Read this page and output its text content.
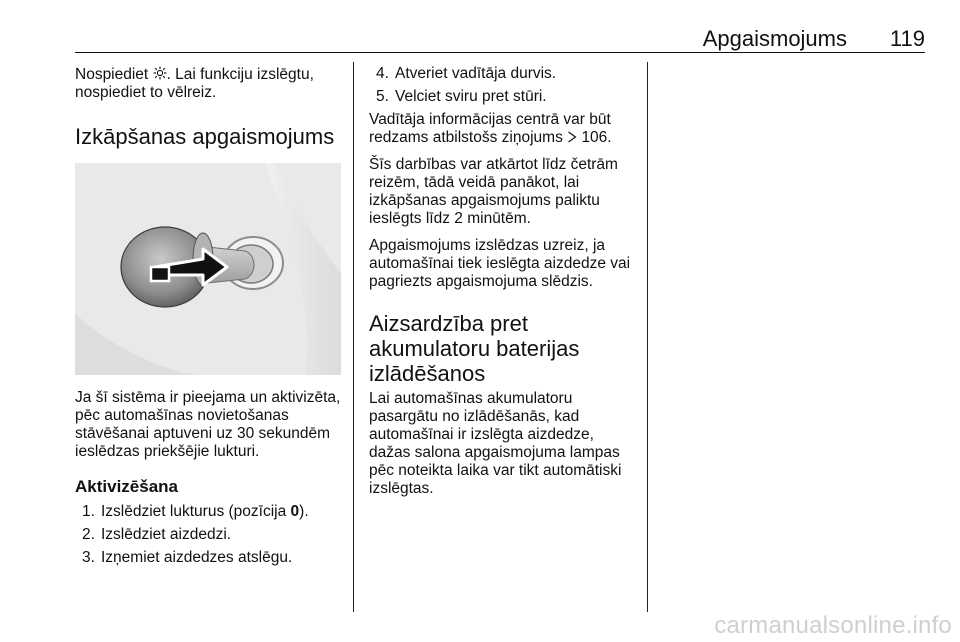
Apgaismojums 119

Nospiediet . Lai funkciju izslēgtu, nospiediet to vēlreiz.

Izkāpšanas apgaismojums

Ja šī sistēma ir pieejama un aktivizēta, pēc automašīnas novietošanas stāvēšanai aptuveni uz 30 sekundēm ieslēdzas priekšējie lukturi.

Aktivizēšana
1. Izslēdziet lukturus (pozīcija 0).
2. Izslēdziet aizdedzi.
3. Izņemiet aizdedzes atslēgu.
4. Atveriet vadītāja durvis.
5. Velciet sviru pret stūri.

Vadītāja informācijas centrā var būt redzams atbilstošs ziņojums  106.

Šīs darbības var atkārtot līdz četrām reizēm, tādā veidā panākot, lai izkāpšanas apgaismojums paliktu ieslēgts līdz 2 minūtēm.

Apgaismojums izslēdzas uzreiz, ja automašīnai tiek ieslēgta aizdedze vai pagriezts apgaismojuma slēdzis.

Aizsardzība pret akumulatoru baterijas izlādēšanos

Lai automašīnas akumulatoru pasargātu no izlādēšanās, kad automašīnai ir izslēgta aizdedze, dažas salona apgaismojuma lampas pēc noteikta laika var tikt automātiski izslēgtas.

carmanualsonline.info
